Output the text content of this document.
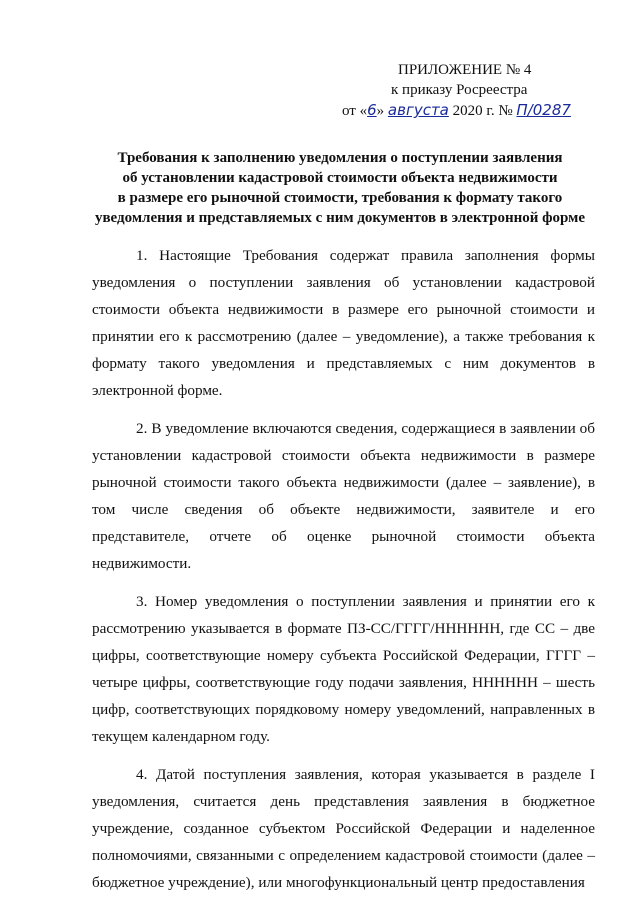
ПРИЛОЖЕНИЕ № 4
к приказу Росреестра
от «6» августа 2020 г. № П/0287
Требования к заполнению уведомления о поступлении заявления
об установлении кадастровой стоимости объекта недвижимости
в размере его рыночной стоимости, требования к формату такого
уведомления и представляемых с ним документов в электронной форме

1. Настоящие Требования содержат правила заполнения формы уведомления о поступлении заявления об установлении кадастровой стоимости объекта недвижимости в размере его рыночной стоимости и принятии его к рассмотрению (далее – уведомление), а также требования к формату такого уведомления и представляемых с ним документов в электронной форме.

2. В уведомление включаются сведения, содержащиеся в заявлении об установлении кадастровой стоимости объекта недвижимости в размере рыночной стоимости такого объекта недвижимости (далее – заявление), в том числе сведения об объекте недвижимости, заявителе и его представителе, отчете об оценке рыночной стоимости объекта недвижимости.

3. Номер уведомления о поступлении заявления и принятии его к рассмотрению указывается в формате ПЗ-СС/ГГГГ/НННННН, где СС – две цифры, соответствующие номеру субъекта Российской Федерации, ГГГГ – четыре цифры, соответствующие году подачи заявления, НННННН – шесть цифр, соответствующих порядковому номеру уведомлений, направленных в текущем календарном году.

4. Датой поступления заявления, которая указывается в разделе I уведомления, считается день представления заявления в бюджетное учреждение, созданное субъектом Российской Федерации и наделенное полномочиями, связанными с определением кадастровой стоимости (далее – бюджетное учреждение), или многофункциональный центр предоставления
